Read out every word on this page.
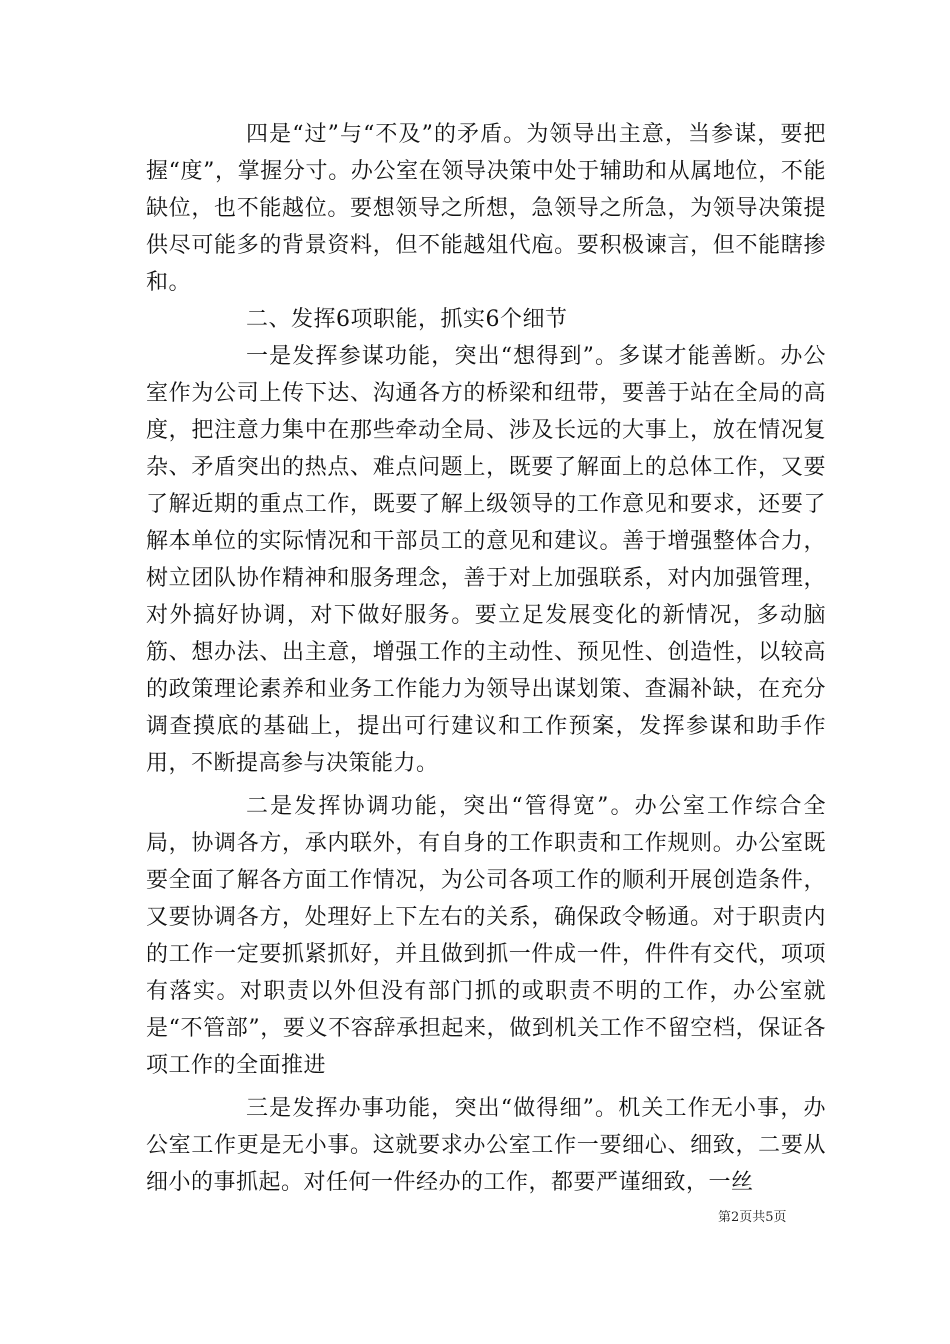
四是“过”与“不及”的矛盾。为领导出主意，当参谋，要把握“度”，掌握分寸。办公室在领导决策中处于辅助和从属地位，不能缺位，也不能越位。要想领导之所想，急领导之所急，为领导决策提供尽可能多的背景资料，但不能越俎代庖。要积极谏言，但不能瞎掺和。

二、发挥6项职能，抓实6个细节

一是发挥参谋功能，突出“想得到”。多谋才能善断。办公室作为公司上传下达、沟通各方的桥梁和纽带，要善于站在全局的高度，把注意力集中在那些牵动全局、涉及长远的大事上，放在情况复杂、矛盾突出的热点、难点问题上，既要了解面上的总体工作，又要了解近期的重点工作，既要了解上级领导的工作意见和要求，还要了解本单位的实际情况和干部员工的意见和建议。善于增强整体合力，树立团队协作精神和服务理念，善于对上加强联系，对内加强管理，对外搞好协调，对下做好服务。要立足发展变化的新情况，多动脑筋、想办法、出主意，增强工作的主动性、预见性、创造性，以较高的政策理论素养和业务工作能力为领导出谋划策、查漏补缺，在充分调查摸底的基础上，提出可行建议和工作预案，发挥参谋和助手作用，不断提高参与决策能力。

二是发挥协调功能，突出“管得宽”。办公室工作综合全局，协调各方，承内联外，有自身的工作职责和工作规则。办公室既要全面了解各方面工作情况，为公司各项工作的顺利开展创造条件，又要协调各方，处理好上下左右的关系，确保政令畅通。对于职责内的工作一定要抓紧抓好，并且做到抓一件成一件，件件有交代，项项有落实。对职责以外但没有部门抓的或职责不明的工作，办公室就是“不管部”，要义不容辞承担起来，做到机关工作不留空档，保证各项工作的全面推进

三是发挥办事功能，突出“做得细”。机关工作无小事，办公室工作更是无小事。这就要求办公室工作一要细心、细致，二要从细小的事抓起。对任何一件经办的工作，都要严谨细致，一丝

第2页共5页
